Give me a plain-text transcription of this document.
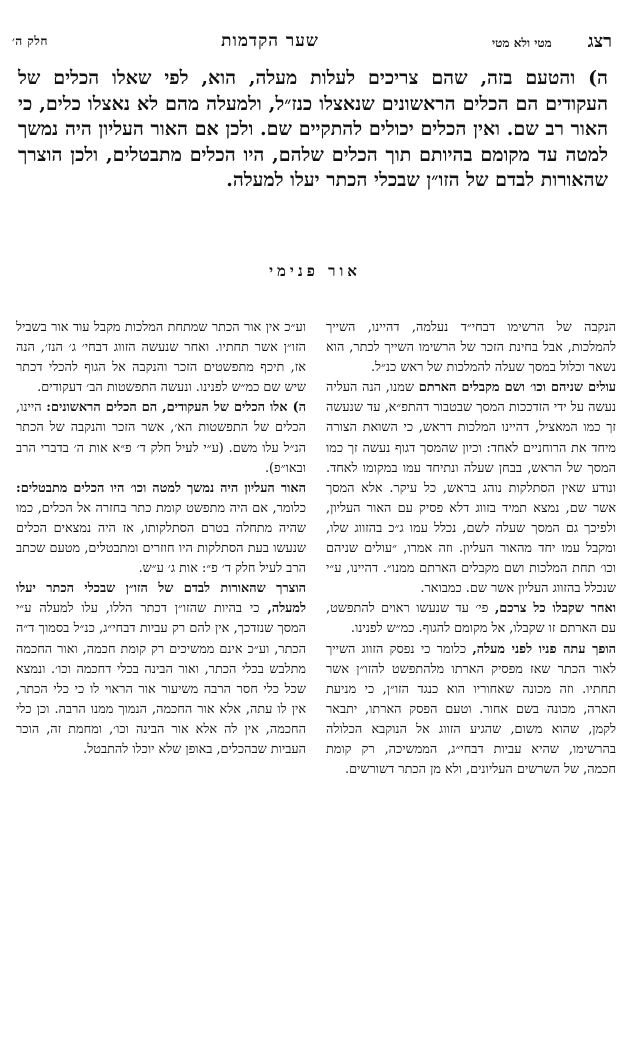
רצג
מטי ולא מטי
שער הקדמות
חלק ה׳
ה) והטעם בזה, שהם צריכים לעלות מעלה, הוא, לפי שאלו הכלים של העקודים הם הכלים הראשונים שנאצלו כנז״ל, ולמעלה מהם לא נאצלו כלים, כי האור רב שם. ואין הכלים יכולים להתקיים שם. ולכן אם האור העליון היה נמשך למטה עד מקומם בהיותם תוך הכלים שלהם, היו הכלים מתבטלים, ולכן הוצרך שהאורות לבדם של הזו״ן שבכלי הכתר יעלו למעלה.
אור פנימי

הנקבה של הרשימו דבחי״ד נעלמה, דהיינו, השייך להמלכות, אבל בחינת הזכר של הרשימו השייך לכתר, הוא נשאר וכלול במסך שעלה להמלכות של ראש כנ״ל.

עולים שניהם וכו׳ ושם מקבלים הארתם שמנו, הנה העליה נעשה על ידי הזדככות המסך שבטבור דהתפ״א, עד שנעשה זך כמו המאציל, דהיינו המלכות דראש, כי השואת הצורה מיחד את הרוחניים לאחד: וכיון שהמסך דגוף נעשה זך כמו המסך של הראש, בבחן שעלה ונתיחד עמו במקומו לאחד. ונודע שאין הסתלקות נוהג בראש, כל עיקר. אלא המסך אשר שם, נמצא תמיד בזווג דלא פסיק עם האור העליון, ולפיכך גם המסך שעלה לשם, נכלל עמו ג״כ בהזווג שלו, ומקבל עמו יחד מהאור העליון. וזה אמרו, ״עולים שניהם וכו׳ תחת המלכות ושם מקבלים הארתם ממנו״. דהיינו, ע״י שנכלל בהזווג העליון אשר שם. כמבואר.

ואחר שקבלו כל צרכם, פי׳ עד שנעשו ראוים להתפשט, עם הארתם זו שקבלו, אל מקומם להגוף. כמ״ש לפנינו.

הופך עתה פניו לפני מעלה, כלומר כי נפסק הזווג השייך לאור הכתר שאז מפסיק הארתו מלהתפשט להזו״ן אשר תחתיו. וזה מכונה שאחוריו הוא כנגד הזו״ן, כי מניעת הארה, מכונה בשם אחור. וטעם הפסק הארתו, יתבאר לקמן, שהוא משום, שהגיע הזווג אל הנוקבא הכלולה בהרשימו, שהיא עביות דבחי״ג, הממשיכה, רק קומת חכמה, של השרשים העליונים, ולא מן הכתר דשורשים.

וע״כ אין אור הכתר שמתחת המלכות מקבל עוד אור בשביל הזו״ן אשר תחתיו. ואחר שנעשה הזווג דבחי׳ ג׳ הנז׳, הנה אז, תיכף מתפשטים הזכר והנקבה אל הגוף להכלי דכתר שיש שם כמ״ש לפנינו. ונעשה התפשטות הב׳ דעקודים.

ה) אלו הכלים של העקודים, הם הכלים הראשונים: היינו, הכלים של התפשטות הא׳, אשר הזכר והנקבה של הכתר הנ״ל עלו משם. (ע״י לעיל חלק ד׳ פ״א אות ה׳ בדברי הרב ובאו״פ).

האור העליון היה נמשך למטה וכו׳ היו הכלים מתבטלים: כלומר, אם היה מתפשט קומת כתר בחזרה אל הכלים, כמו שהיה מתחלה בטרם הסתלקותו, אז היה נמצאים הכלים שנעשו בעת הסתלקות היו חוזרים ומתבטלים, מטעם שכתב הרב לעיל חלק ד׳ פ״: אות ג׳ ע״ש.

הוצרך שהאורות לבדם של הזו״ן שבכלי הכתר יעלו למעלה, כי בהיות שהזו״ן דכתר הללו, עלו למעלה ע״י המסך שנזדכך, אין להם רק עביות דבחי״ג, כנ״ל בסמוך ד״ה הכתר, וע״כ אינם ממשיכים רק קומת חכמה, ואור החכמה מתלבש בכלי הכתר, ואור הבינה בכלי דחכמה וכו׳. ונמצא שכל כלי חסר הרבה משיעור אור הראוי לו כי כלי הכתר, אין לו עתה, אלא אור החכמה, הנמוך ממנו הרבה. וכן כלי החכמה, אין לה אלא אור הבינה וכו׳, ומחמת זה, הוכר העביות שבהכלים, באופן שלא יוכלו להתבטל.
